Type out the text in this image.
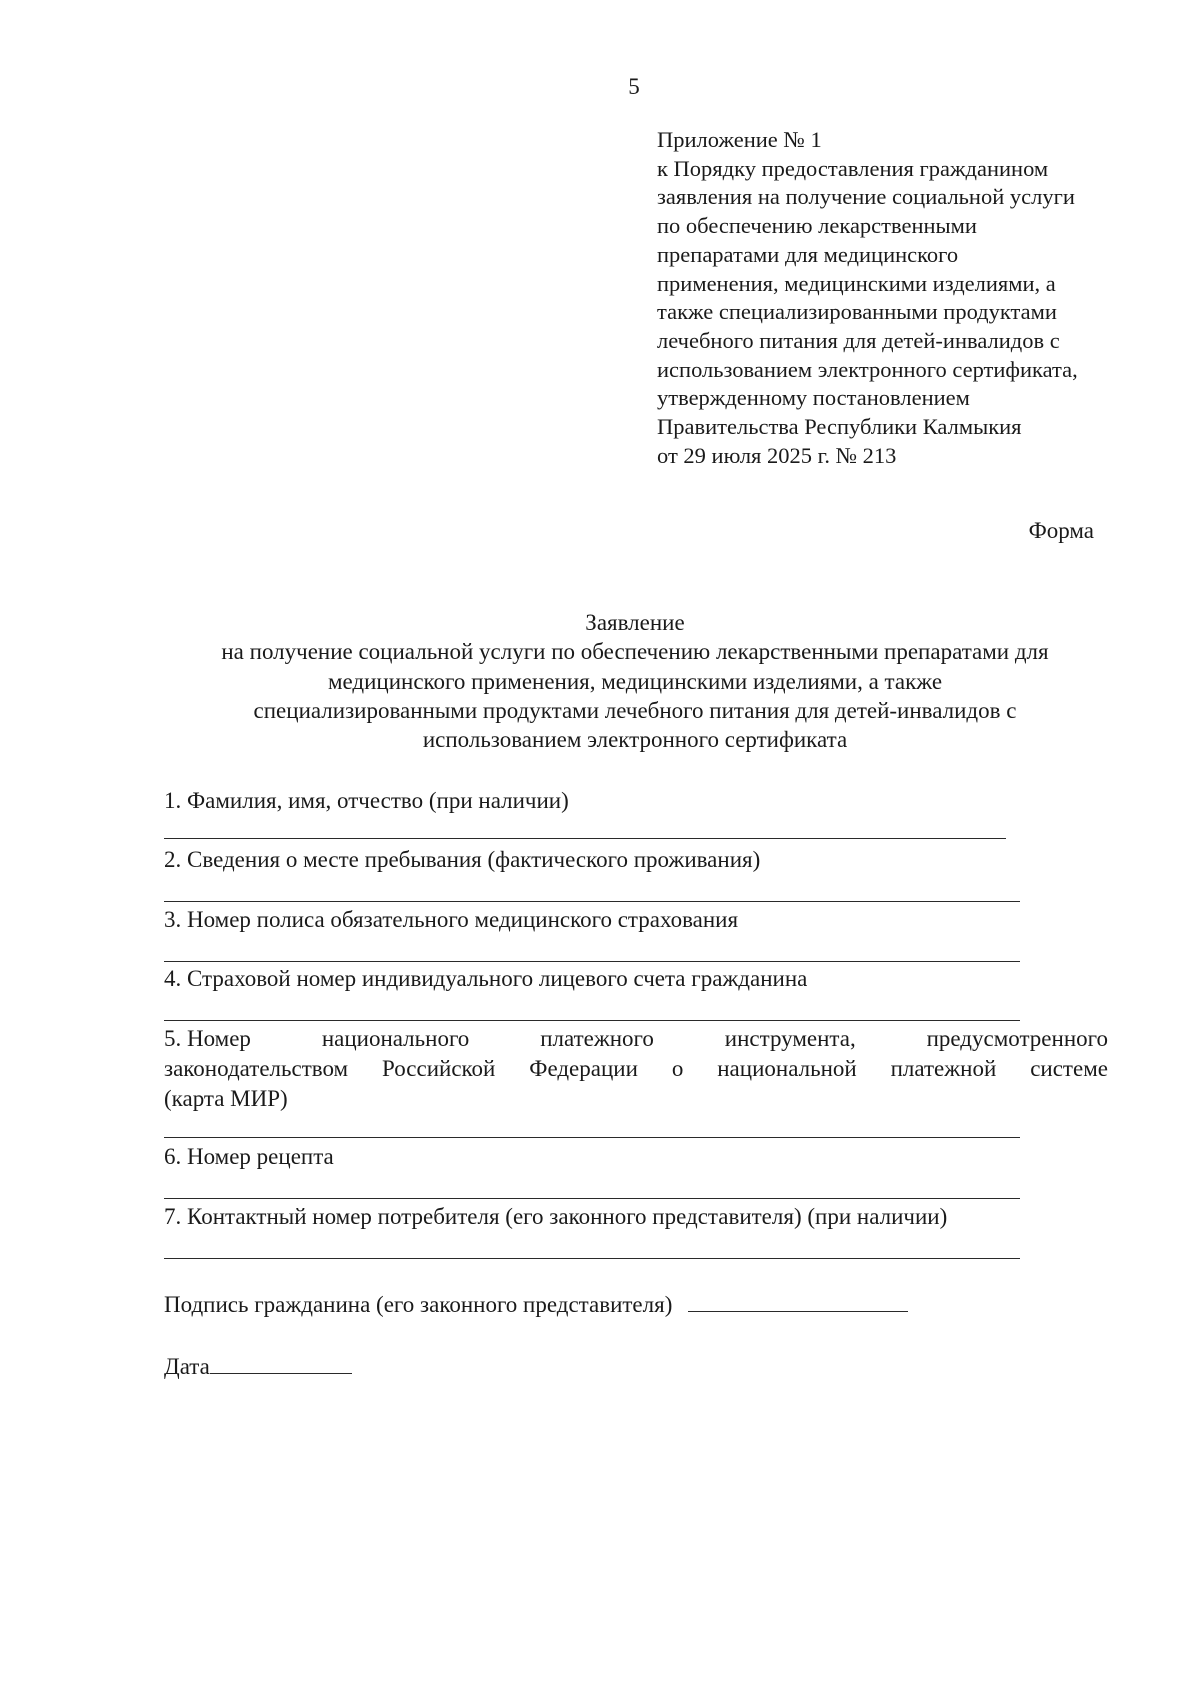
5
Приложение № 1
к Порядку предоставления гражданином
заявления на получение социальной услуги
по обеспечению лекарственными
препаратами для медицинского
применения, медицинскими изделиями, а
также специализированными продуктами
лечебного питания для детей-инвалидов с
использованием электронного сертификата,
утвержденному постановлением
Правительства Республики Калмыкия
от 29 июля 2025 г. № 213
Форма
Заявление
на получение социальной услуги по обеспечению лекарственными препаратами для
медицинского применения, медицинскими изделиями, а также
специализированными продуктами лечебного питания для детей-инвалидов с
использованием электронного сертификата
1. Фамилия, имя, отчество (при наличии)
2. Сведения о месте пребывания (фактического проживания)
3. Номер полиса обязательного медицинского страхования
4. Страховой номер индивидуального лицевого счета гражданина
5. Номер	национального	платежного	инструмента,	предусмотренного
законодательством Российской Федерации о национальной платежной системе
(карта МИР)
6. Номер рецепта
7. Контактный номер потребителя (его законного представителя) (при наличии)
Подпись гражданина (его законного представителя)
Дата
